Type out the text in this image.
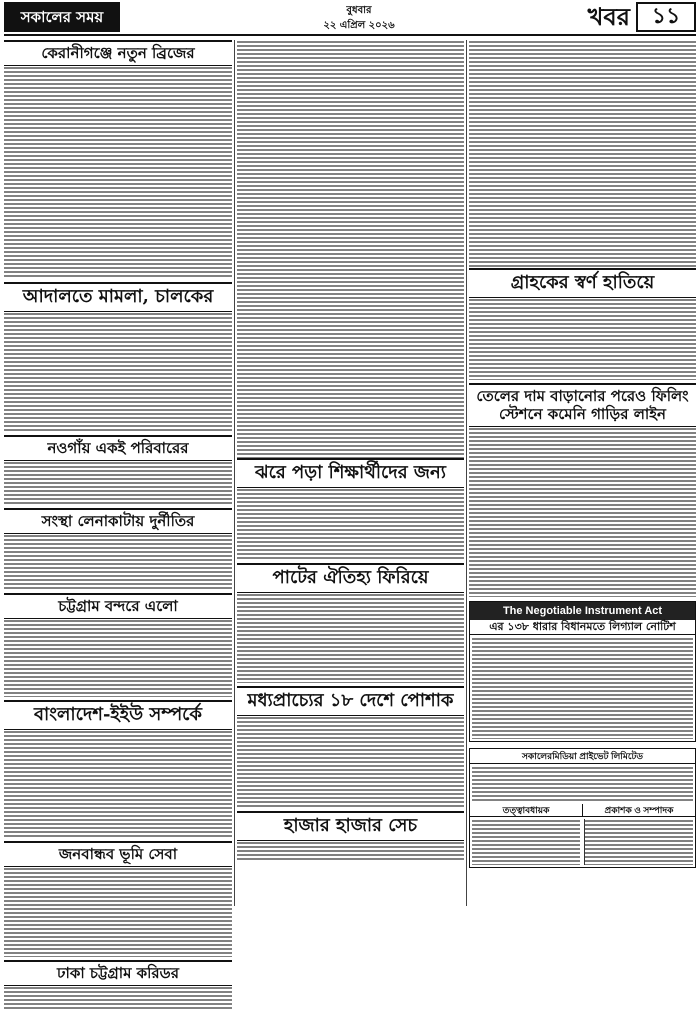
সকালের সময়	বুধবার
২২ এপ্রিল ২০২৬	খবর ১১
কেরানীগঞ্জে নতুন ব্রিজের
আদালতে মামলা, চালকের
নওগাঁয় একই পরিবারের
সংস্থা লেনাকাটায় দুর্নীতির
চট্টগ্রাম বন্দরে এলো
বাংলাদেশ-ইইউ সম্পর্কে
জনবান্ধব ভূমি সেবা
ঢাকা চট্টগ্রাম করিডর
ঝরে পড়া শিক্ষার্থীদের জন্য
পাটের ঐতিহ্য ফিরিয়ে
মধ্যপ্রাচ্যের ১৮ দেশে পোশাক
হাজার হাজার সেচ
গ্রাহকের স্বর্ণ হাতিয়ে
তেলের দাম বাড়ানোর পরেও ফিলিং স্টেশনে কমেনি গাড়ির লাইন
The Negotiable Instrument Act
এর ১৩৮ ধারার বিধানমতে লিগ্যাল নোটিশ
সকালেরমিডিয়া প্রাইভেট লিমিটেড
তত্ত্বাবধায়ক	প্রকাশক ও সম্পাদক
